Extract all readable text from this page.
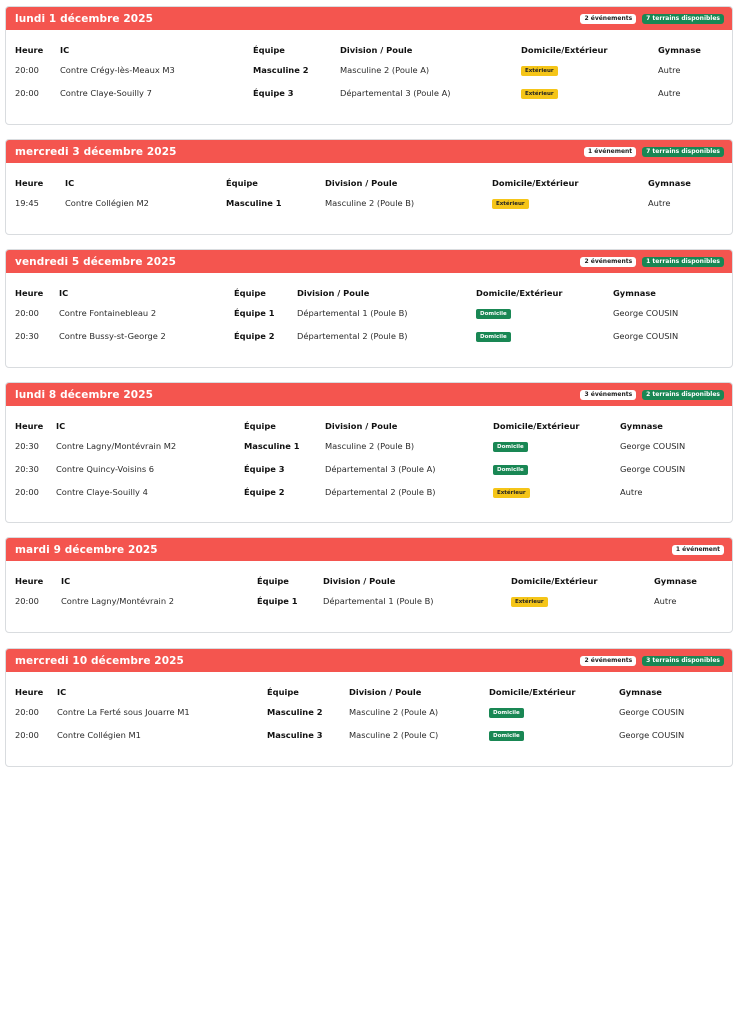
lundi 1 décembre 2025	2 événements	7 terrains disponibles
	Heure	IC	Équipe	Division / Poule	Domicile/Extérieur	Gymnase	
	20:00	Contre Crégy-lès-Meaux M3	Masculine 2	Masculine 2 (Poule A)	Extérieur	Autre	
	20:00	Contre Claye-Souilly 7	Équipe 3	Départemental 3 (Poule A)	Extérieur	Autre	
mercredi 3 décembre 2025	1 événement	7 terrains disponibles
	Heure	IC	Équipe	Division / Poule	Domicile/Extérieur	Gymnase	
	19:45	Contre Collégien M2	Masculine 1	Masculine 2 (Poule B)	Extérieur	Autre	
vendredi 5 décembre 2025	2 événements	1 terrains disponibles
	Heure	IC	Équipe	Division / Poule	Domicile/Extérieur	Gymnase	
	20:00	Contre Fontainebleau 2	Équipe 1	Départemental 1 (Poule B)	Domicile	George COUSIN	
	20:30	Contre Bussy-st-George 2	Équipe 2	Départemental 2 (Poule B)	Domicile	George COUSIN	
lundi 8 décembre 2025	3 événements	2 terrains disponibles
	Heure	IC	Équipe	Division / Poule	Domicile/Extérieur	Gymnase	
	20:30	Contre Lagny/Montévrain M2	Masculine 1	Masculine 2 (Poule B)	Domicile	George COUSIN	
	20:30	Contre Quincy-Voisins 6	Équipe 3	Départemental 3 (Poule A)	Domicile	George COUSIN	
	20:00	Contre Claye-Souilly 4	Équipe 2	Départemental 2 (Poule B)	Extérieur	Autre	
mardi 9 décembre 2025	1 événement
	Heure	IC	Équipe	Division / Poule	Domicile/Extérieur	Gymnase	
	20:00	Contre Lagny/Montévrain 2	Équipe 1	Départemental 1 (Poule B)	Extérieur	Autre	
mercredi 10 décembre 2025	2 événements	3 terrains disponibles
	Heure	IC	Équipe	Division / Poule	Domicile/Extérieur	Gymnase	
	20:00	Contre La Ferté sous Jouarre M1	Masculine 2	Masculine 2 (Poule A)	Domicile	George COUSIN	
	20:00	Contre Collégien M1	Masculine 3	Masculine 2 (Poule C)	Domicile	George COUSIN	
